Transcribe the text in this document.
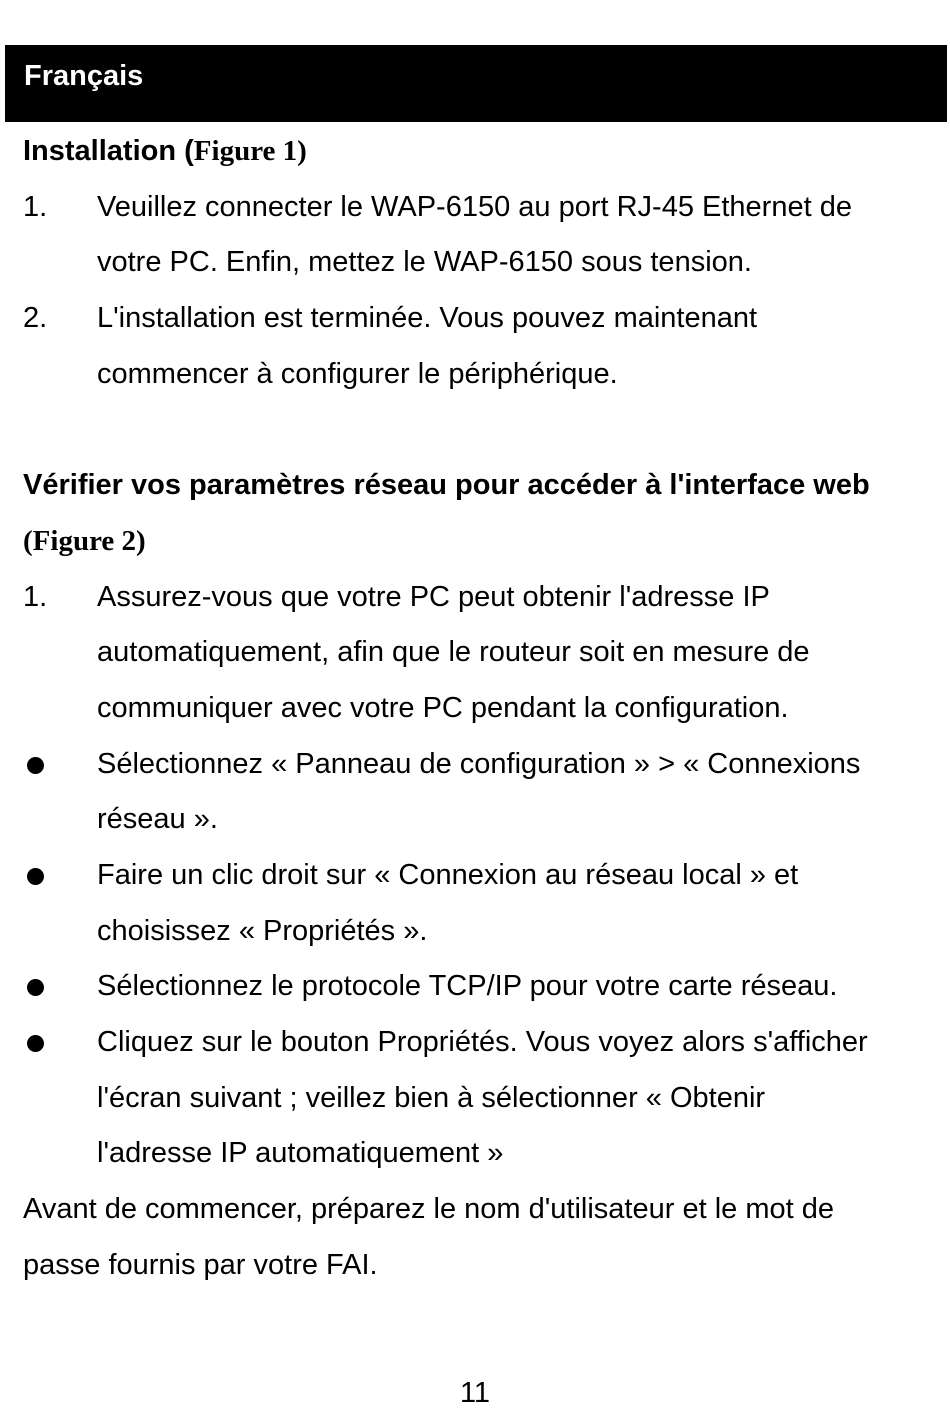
Français
Installation (Figure 1)
1.	Veuillez connecter le WAP-6150 au port RJ-45 Ethernet de
votre PC. Enfin, mettez le WAP-6150 sous tension.
2.	L'installation est terminée. Vous pouvez maintenant
commencer à configurer le périphérique.
Vérifier vos paramètres réseau pour accéder à l'interface web
(Figure 2)
1.	Assurez-vous que votre PC peut obtenir l'adresse IP
automatiquement, afin que le routeur soit en mesure de
communiquer avec votre PC pendant la configuration.
Sélectionnez « Panneau de configuration » > « Connexions
réseau ».
Faire un clic droit sur « Connexion au réseau local » et
choisissez « Propriétés ».
Sélectionnez le protocole TCP/IP pour votre carte réseau.
Cliquez sur le bouton Propriétés. Vous voyez alors s'afficher
l'écran suivant ; veillez bien à sélectionner « Obtenir
l'adresse IP automatiquement »
Avant de commencer, préparez le nom d'utilisateur et le mot de
passe fournis par votre FAI.
11
